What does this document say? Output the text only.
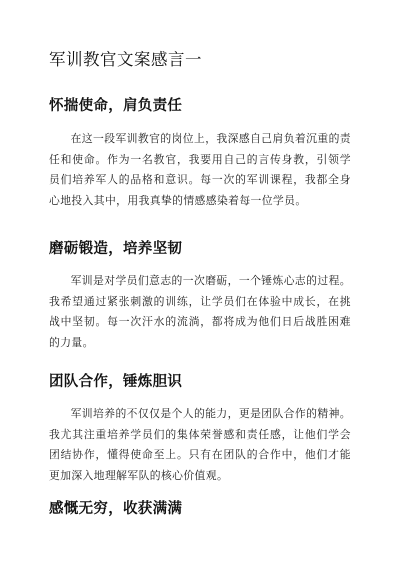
军训教官文案感言一
怀揣使命，肩负责任

在这一段军训教官的岗位上，我深感自己肩负着沉重的责任和使命。作为一名教官，我要用自己的言传身教，引领学员们培养军人的品格和意识。每一次的军训课程，我都全身心地投入其中，用我真挚的情感感染着每一位学员。

磨砺锻造，培养坚韧

军训是对学员们意志的一次磨砺，一个锤炼心志的过程。我希望通过紧张刺激的训练，让学员们在体验中成长，在挑战中坚韧。每一次汗水的流淌，都将成为他们日后战胜困难的力量。

团队合作，锤炼胆识

军训培养的不仅仅是个人的能力，更是团队合作的精神。我尤其注重培养学员们的集体荣誉感和责任感，让他们学会团结协作，懂得使命至上。只有在团队的合作中，他们才能更加深入地理解军队的核心价值观。

感慨无穷，收获满满
